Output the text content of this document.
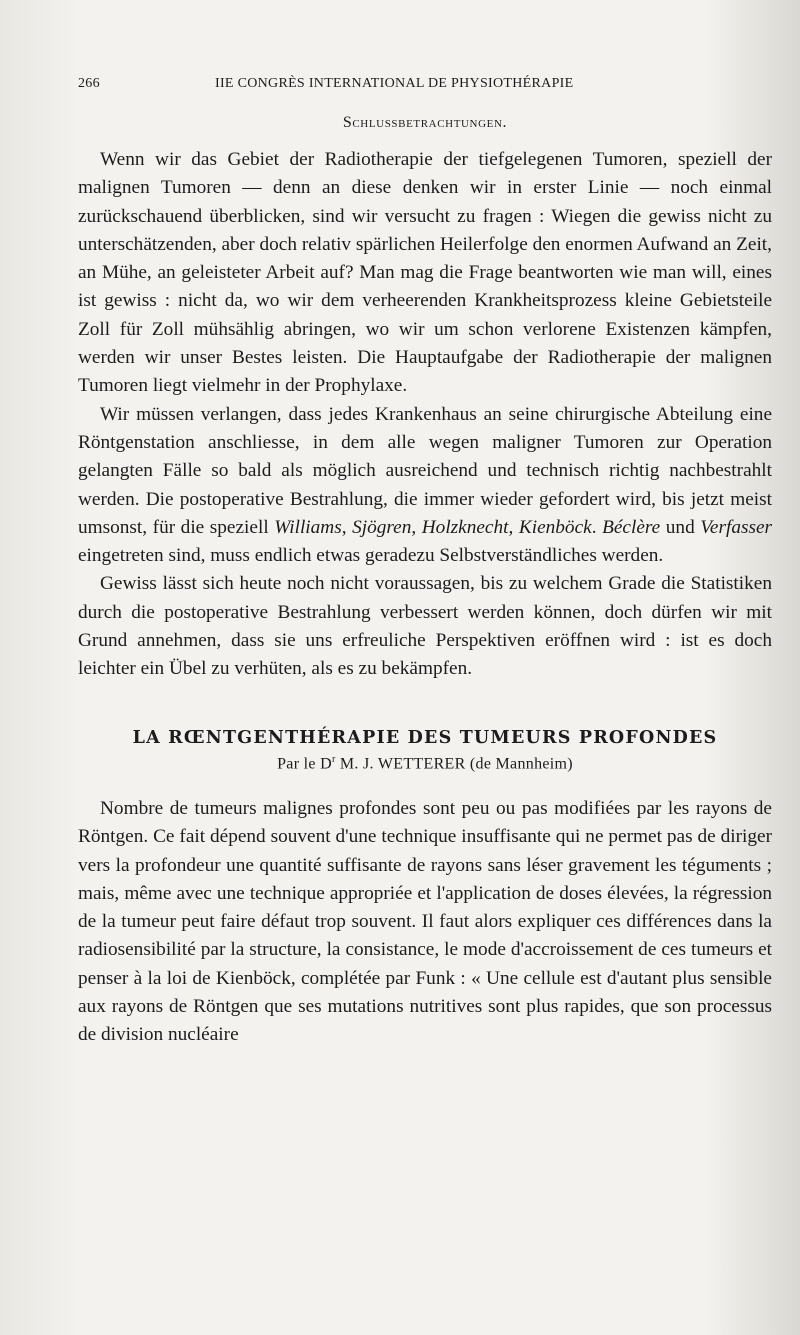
266	IIE CONGRÈS INTERNATIONAL DE PHYSIOTHÉRAPIE
Schlussbetrachtungen.

Wenn wir das Gebiet der Radiotherapie der tiefgelegenen Tumoren, speziell der malignen Tumoren — denn an diese denken wir in erster Linie — noch einmal zurückschauend überblicken, sind wir versucht zu fragen : Wiegen die gewiss nicht zu unterschätzenden, aber doch relativ spärlichen Heilerfolge den enormen Aufwand an Zeit, an Mühe, an geleisteter Arbeit auf? Man mag die Frage beantworten wie man will, eines ist gewiss : nicht da, wo wir dem verheerenden Krankheitsprozess kleine Gebietsteile Zoll für Zoll mühsählig abringen, wo wir um schon verlorene Existenzen kämpfen, werden wir unser Bestes leisten. Die Hauptaufgabe der Radiotherapie der malignen Tumoren liegt vielmehr in der Prophylaxe.

Wir müssen verlangen, dass jedes Krankenhaus an seine chirurgische Abteilung eine Röntgenstation anschliesse, in dem alle wegen maligner Tumoren zur Operation gelangten Fälle so bald als möglich ausreichend und technisch richtig nachbestrahlt werden. Die postoperative Bestrahlung, die immer wieder gefordert wird, bis jetzt meist umsonst, für die speziell Williams, Sjögren, Holzknecht, Kienböck. Béclère und Verfasser eingetreten sind, muss endlich etwas geradezu Selbstverständliches werden.

Gewiss lässt sich heute noch nicht voraussagen, bis zu welchem Grade die Statistiken durch die postoperative Bestrahlung verbessert werden können, doch dürfen wir mit Grund annehmen, dass sie uns erfreuliche Perspektiven eröffnen wird : ist es doch leichter ein Übel zu verhüten, als es zu bekämpfen.

LA RŒNTGENTHÉRAPIE DES TUMEURS PROFONDES
Par le $D^r$ M. J. WETTERER (de Mannheim)

Nombre de tumeurs malignes profondes sont peu ou pas modifiées par les rayons de Röntgen. Ce fait dépend souvent d'une technique insuffisante qui ne permet pas de diriger vers la profondeur une quantité suffisante de rayons sans léser gravement les téguments ; mais, même avec une technique appropriée et l'application de doses élevées, la régression de la tumeur peut faire défaut trop souvent. Il faut alors expliquer ces différences dans la radiosensibilité par la structure, la consistance, le mode d'accroissement de ces tumeurs et penser à la loi de Kienböck, complétée par Funk : « Une cellule est d'autant plus sensible aux rayons de Röntgen que ses mutations nutritives sont plus rapides, que son processus de division nucléaire
